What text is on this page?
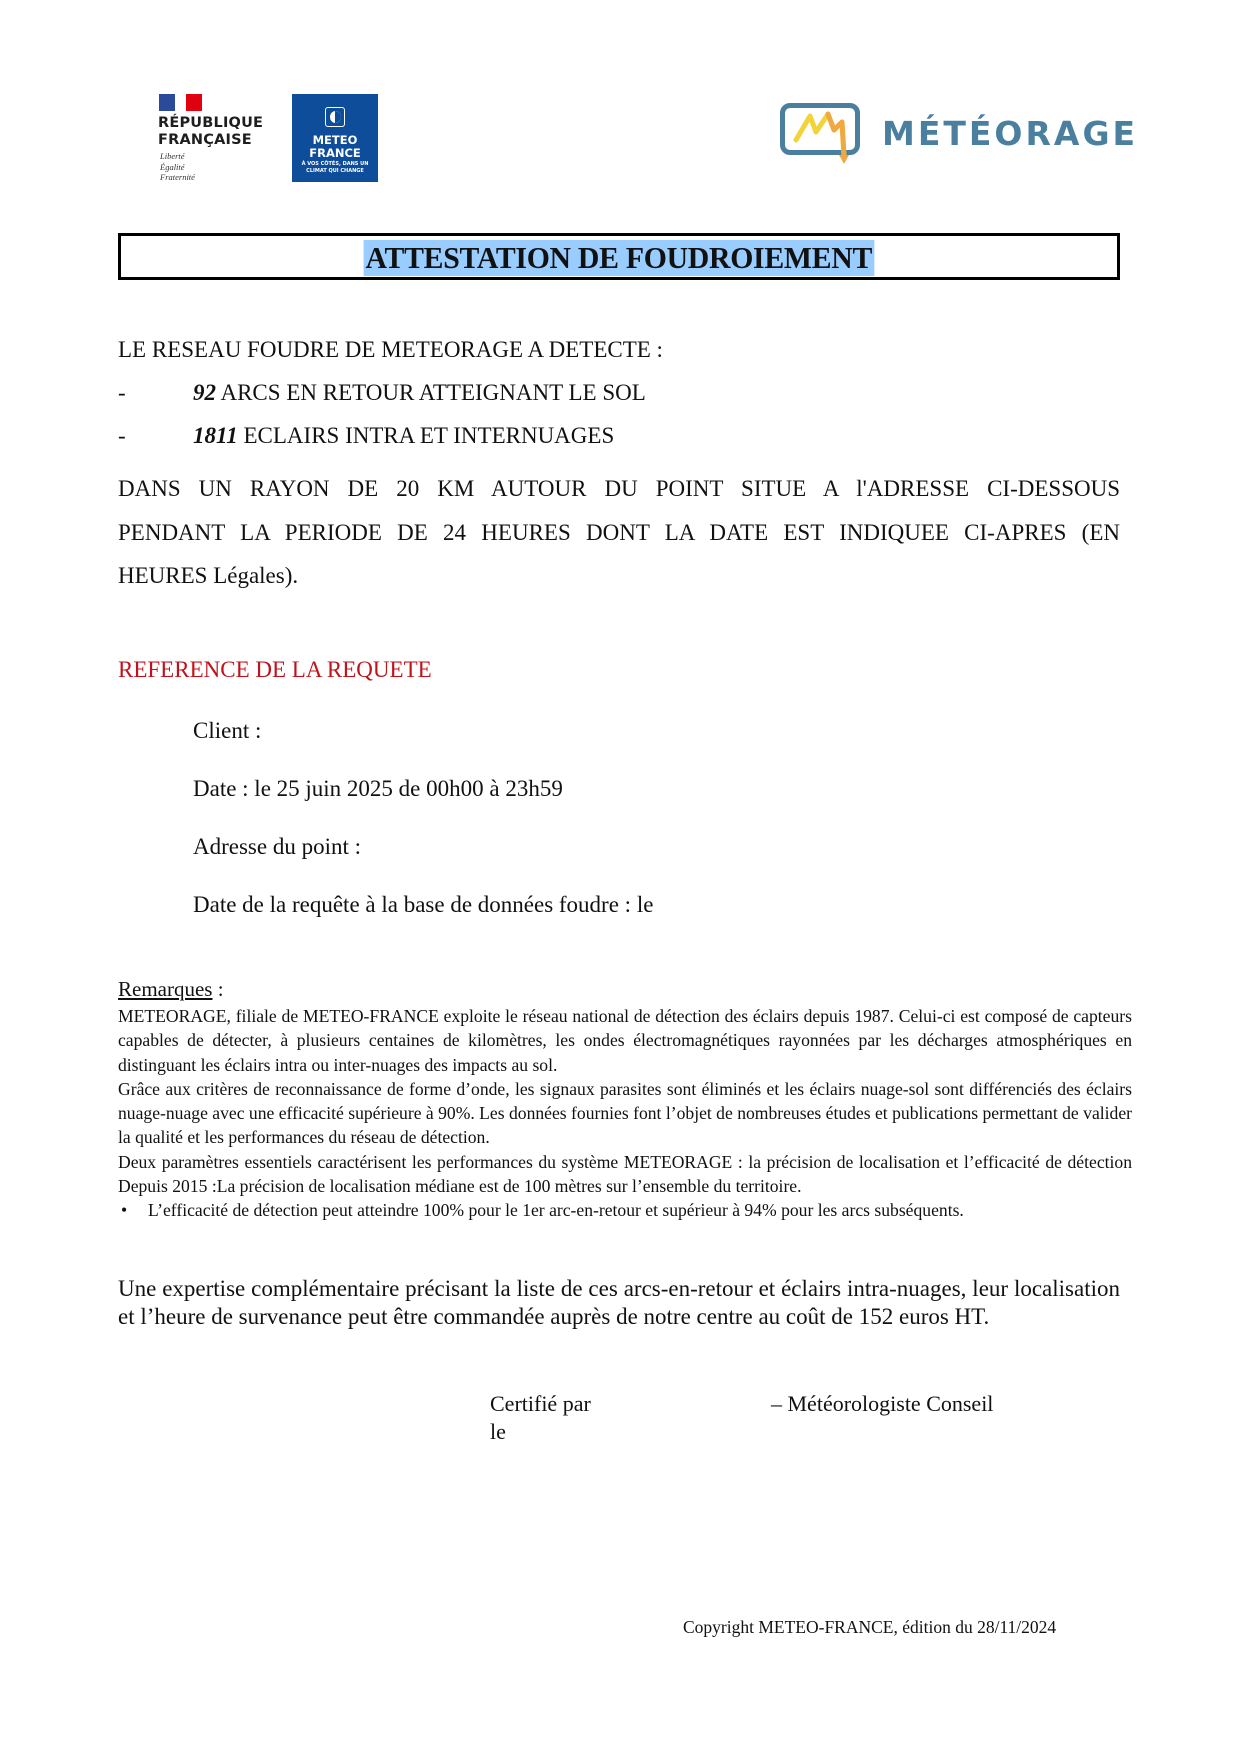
RÉPUBLIQUE
FRANÇAISE
Liberté
Égalité
Fraternité
METEO
FRANCE
À VOS CÔTÉS, DANS UN
CLIMAT QUI CHANGE
MÉTÉORAGE
ATTESTATION DE FOUDROIEMENT
LE RESEAU FOUDRE DE METEORAGE A DETECTE :
-	92 ARCS EN RETOUR ATTEIGNANT LE SOL
-	1811 ECLAIRS INTRA ET INTERNUAGES
DANS UN RAYON DE 20 KM AUTOUR DU POINT SITUE A l'ADRESSE CI-DESSOUS
PENDANT LA PERIODE DE 24 HEURES DONT LA DATE EST INDIQUEE CI-APRES (EN
HEURES Légales).
REFERENCE DE LA REQUETE
Client :
Date : le 25 juin 2025 de 00h00 à 23h59
Adresse du point :
Date de la requête à la base de données foudre : le
Remarques :

METEORAGE, filiale de METEO-FRANCE exploite le réseau national de détection des éclairs depuis 1987. Celui-ci est composé de capteurs capables de détecter, à plusieurs centaines de kilomètres, les ondes électromagnétiques rayonnées par les décharges atmosphériques en distinguant les éclairs intra ou inter-nuages des impacts au sol.

Grâce aux critères de reconnaissance de forme d’onde, les signaux parasites sont éliminés et les éclairs nuage-sol sont différenciés des éclairs nuage-nuage avec une efficacité supérieure à 90%. Les données fournies font l’objet de nombreuses études et publications permettant de valider la qualité et les performances du réseau de détection.

Deux paramètres essentiels caractérisent les performances du système METEORAGE : la précision de localisation et l’efficacité de détection Depuis 2015 :La précision de localisation médiane est de 100 mètres sur l’ensemble du territoire.

• L’efficacité de détection peut atteindre 100% pour le 1er arc-en-retour et supérieur à 94% pour les arcs subséquents.

Une expertise complémentaire précisant la liste de ces arcs-en-retour et éclairs intra-nuages, leur localisation et l’heure de survenance peut être commandée auprès de notre centre au coût de 152 euros HT.
Certifié par
le
– Météorologiste Conseil
Copyright METEO-FRANCE, édition du 28/11/2024
